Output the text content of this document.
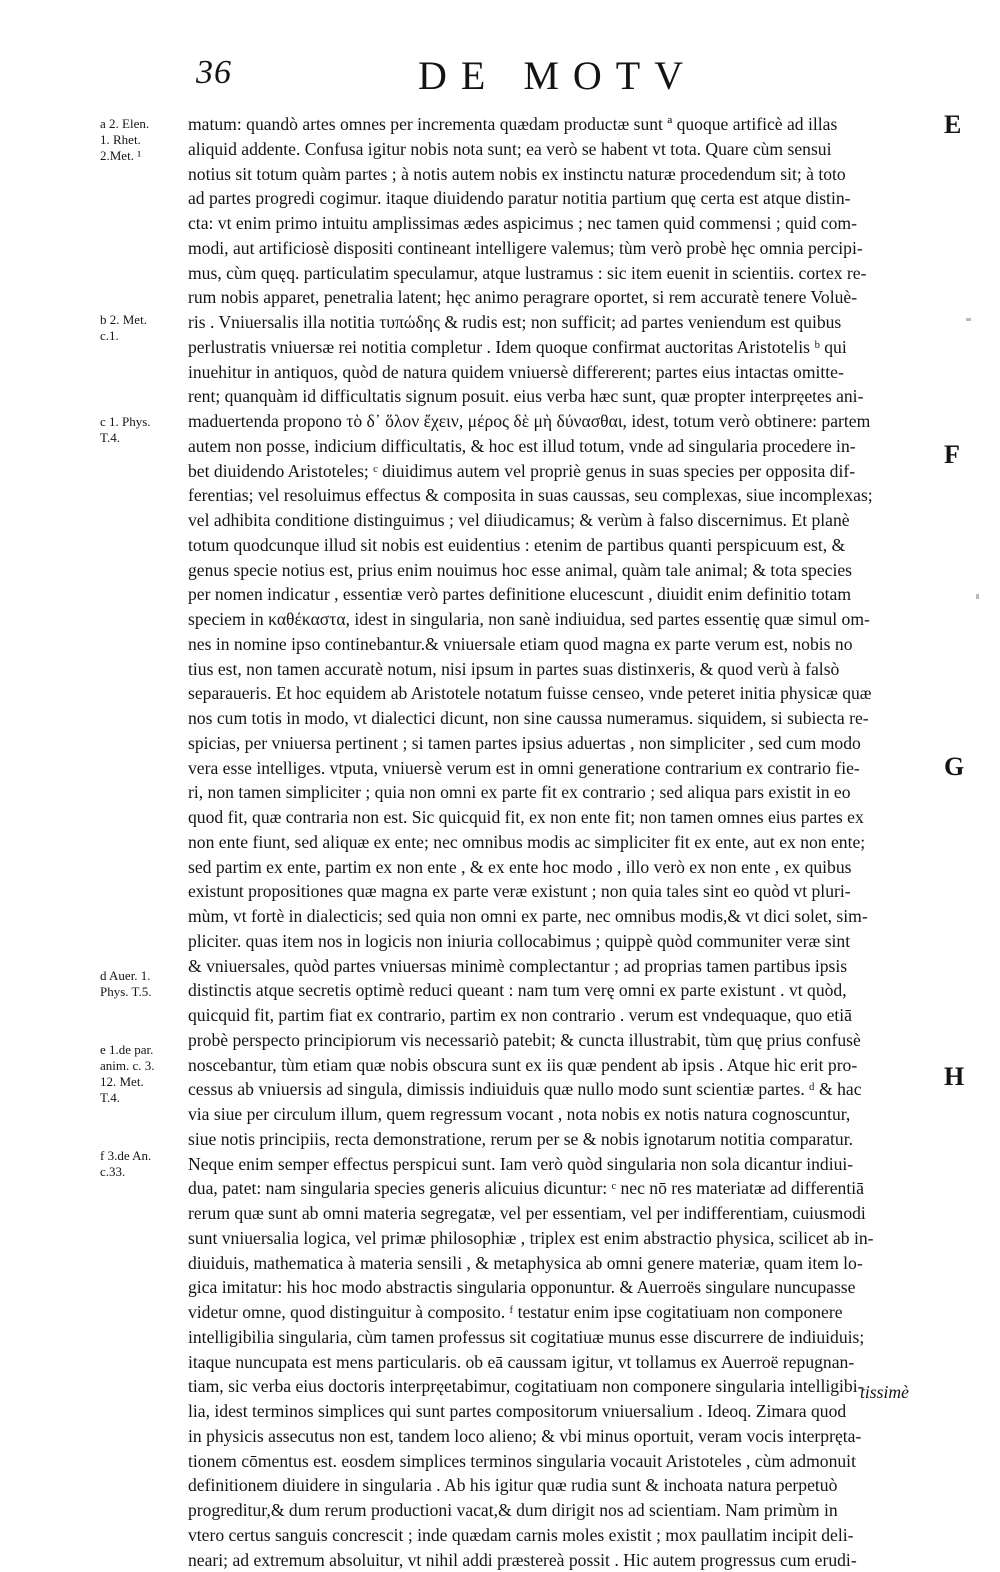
36	DE MOTV
matum: quandò artes omnes per incrementa quædam productæ sunt ª quoque artificè ad illas
aliquid addente. Confusa igitur nobis nota sunt; ea verò se habent vt tota. Quare cùm sensui
notius sit totum quàm partes ; à notis autem nobis ex instinctu naturæ procedendum sit; à toto
ad partes progredi cogimur. itaque diuidendo paratur notitia partium quę certa est atque distin-
cta: vt enim primo intuitu amplissimas ædes aspicimus ; nec tamen quid commensi ; quid com-
modi, aut artificiosè dispositi contineant intelligere valemus; tùm verò probè hęc omnia percipi-
mus, cùm quęq. particulatim speculamur, atque lustramus : sic item euenit in scientiis. cortex re-
rum nobis apparet, penetralia latent; hęc animo peragrare oportet, si rem accuratè tenere Voluè-
ris . Vniuersalis illa notitia τυπώδης & rudis est; non sufficit; ad partes veniendum est quibus
perlustratis vniuersæ rei notitia completur . Idem quoque confirmat auctoritas Aristotelis ᵇ qui
inuehitur in antiquos, quòd de natura quidem vniuersè differerent; partes eius intactas omitte-
rent; quanquàm id difficultatis signum posuit. eius verba hæc sunt, quæ propter interpręetes ani-
maduertenda propono τὸ δ᾽ ὅλον ἔχειν, μέρος δὲ μὴ δύνασθαι, idest, totum verò obtinere: partem
autem non posse, indicium difficultatis, & hoc est illud totum, vnde ad singularia procedere in-
bet diuidendo Aristoteles; ᶜ diuidimus autem vel propriè genus in suas species per opposita dif-
ferentias; vel resoluimus effectus & composita in suas caussas, seu complexas, siue incomplexas;
vel adhibita conditione distinguimus ; vel diiudicamus; & verùm à falso discernimus. Et planè
totum quodcunque illud sit nobis est euidentius : etenim de partibus quanti perspicuum est, &
genus specie notius est, prius enim nouimus hoc esse animal, quàm tale animal; & tota species
per nomen indicatur , essentiæ verò partes definitione elucescunt , diuidit enim definitio totam
speciem in καθέκαστα, idest in singularia, non sanè indiuidua, sed partes essentię quæ simul om-
nes in nomine ipso continebantur.& vniuersale etiam quod magna ex parte verum est, nobis no
tius est, non tamen accuratè notum, nisi ipsum in partes suas distinxeris, & quod verù à falsò
separaueris. Et hoc equidem ab Aristotele notatum fuisse censeo, vnde peteret initia physicæ quæ
nos cum totis in modo, vt dialectici dicunt, non sine caussa numeramus. siquidem, si subiecta re-
spicias, per vniuersa pertinent ; si tamen partes ipsius aduertas , non simpliciter , sed cum modo
vera esse intelliges. vtputa, vniuersè verum est in omni generatione contrarium ex contrario fie-
ri, non tamen simpliciter ; quia non omni ex parte fit ex contrario ; sed aliqua pars existit in eo
quod fit, quæ contraria non est. Sic quicquid fit, ex non ente fit; non tamen omnes eius partes ex
non ente fiunt, sed aliquæ ex ente; nec omnibus modis ac simpliciter fit ex ente, aut ex non ente;
sed partim ex ente, partim ex non ente , & ex ente hoc modo , illo verò ex non ente , ex quibus
existunt propositiones quæ magna ex parte veræ existunt ; non quia tales sint eo quòd vt pluri-
mùm, vt fortè in dialecticis; sed quia non omni ex parte, nec omnibus modis,& vt dici solet, sim-
pliciter. quas item nos in logicis non iniuria collocabimus ; quippè quòd communiter veræ sint
& vniuersales, quòd partes vniuersas minimè complectantur ; ad proprias tamen partibus ipsis
distinctis atque secretis optimè reduci queant : nam tum verę omni ex parte existunt . vt quòd,
quicquid fit, partim fiat ex contrario, partim ex non contrario . verum est vndequaque, quo etiā
probè perspecto principiorum vis necessariò patebit; & cuncta illustrabit, tùm quę prius confusè
noscebantur, tùm etiam quæ nobis obscura sunt ex iis quæ pendent ab ipsis . Atque hic erit pro-
cessus ab vniuersis ad singula, dimissis indiuiduis quæ nullo modo sunt scientiæ partes. ᵈ & hac
via siue per circulum illum, quem regressum vocant , nota nobis ex notis natura cognoscuntur,
siue notis principiis, recta demonstratione, rerum per se & nobis ignotarum notitia comparatur.
Neque enim semper effectus perspicui sunt. Iam verò quòd singularia non sola dicantur indiui-
dua, patet: nam singularia species generis alicuius dicuntur: ᶜ nec nō res materiatæ ad differentiā
rerum quæ sunt ab omni materia segregatæ, vel per essentiam, vel per indifferentiam, cuiusmodi
sunt vniuersalia logica, vel primæ philosophiæ , triplex est enim abstractio physica, scilicet ab in-
diuiduis, mathematica à materia sensili , & metaphysica ab omni genere materiæ, quam item lo-
gica imitatur: his hoc modo abstractis singularia opponuntur. & Auerroës singulare nuncupasse
videtur omne, quod distinguitur à composito. ᶠ testatur enim ipse cogitatiuam non componere
intelligibilia singularia, cùm tamen professus sit cogitatiuæ munus esse discurrere de indiuiduis;
itaque nuncupata est mens particularis. ob eā caussam igitur, vt tollamus ex Auerroë repugnan-
tiam, sic verba eius doctoris interpręetabimur, cogitatiuam non componere singularia intelligibi-
lia, idest terminos simplices qui sunt partes compositorum vniuersalium . Ideoq. Zimara quod
in physicis assecutus non est, tandem loco alieno; & vbi minus oportuit, veram vocis interpręta-
tionem cōmentus est. eosdem simplices terminos singularia vocauit Aristoteles , cùm admonuit
definitionem diuidere in singularia . Ab his igitur quæ rudia sunt & inchoata natura perpetuò
progreditur,& dum rerum productioni vacat,& dum dirigit nos ad scientiam. Nam primùm in
vtero certus sanguis concrescit ; inde quædam carnis moles existit ; mox paullatim incipit deli-
neari; ad extremum absoluitur, vt nihil addi præstereà possit . Hic autem progressus cum erudi-
tissimè
a 2. Elen.
1. Rhet.
2.Met. ¹
b 2. Met.
c.1.
c 1. Phys.
T.4.
d Auer. 1.
Phys. T.5.
e 1.de par.
anim. c. 3.
12. Met.
T.4.
f 3.de An.
c.33.
E
F
G
H
